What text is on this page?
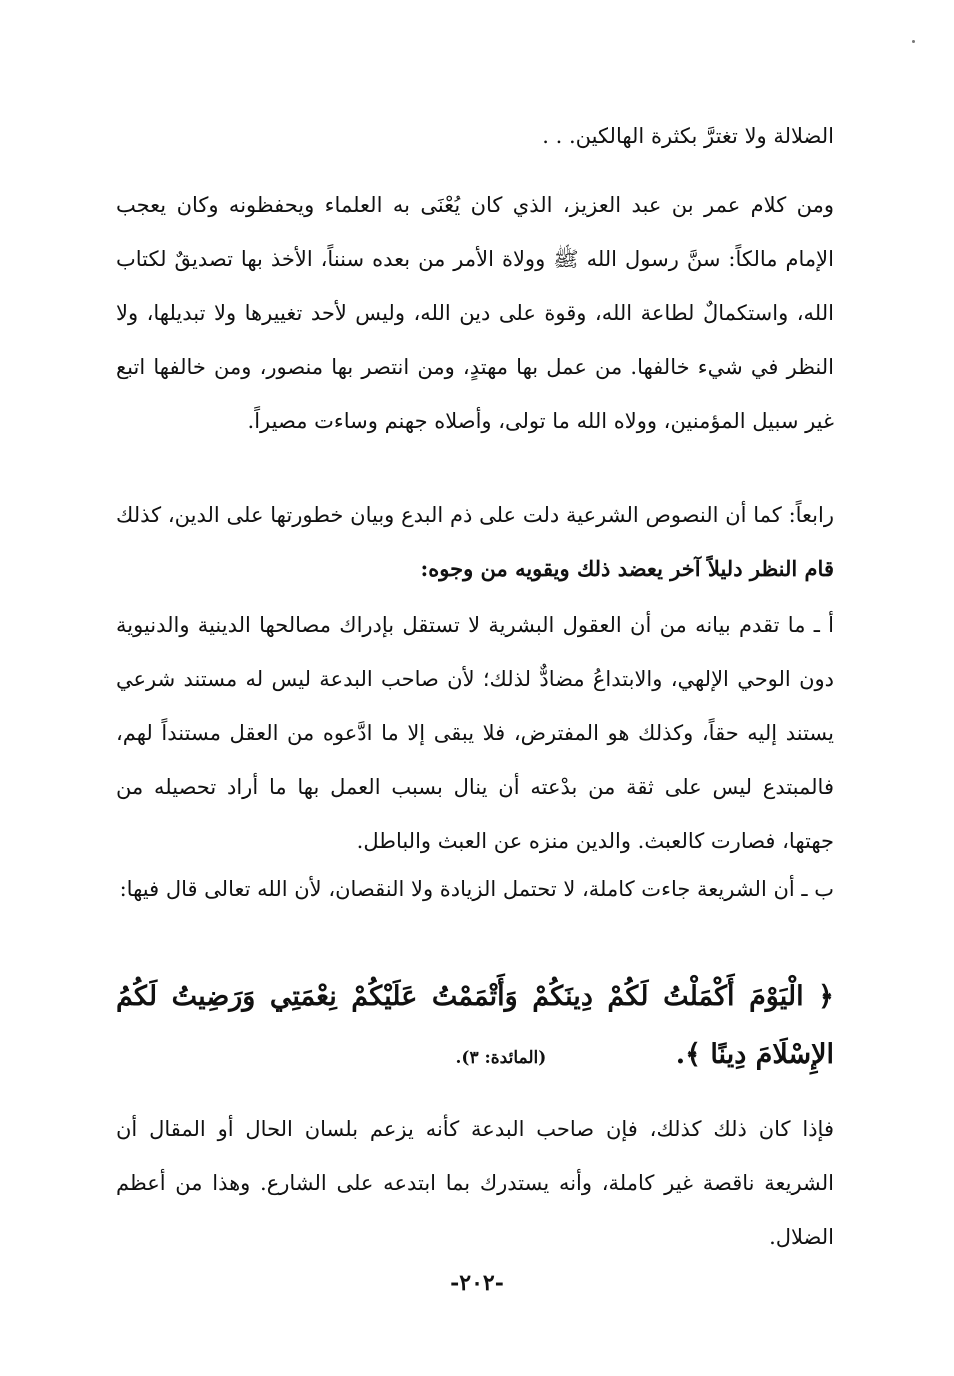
الضلالة ولا تغترَّ بكثرة الهالكين. . .

ومن كلام عمر بن عبد العزيز، الذي كان يُعْنَى به العلماء ويحفظونه وكان يعجب الإمام مالكاً: سنَّ رسول الله ﷺ وولاة الأمر من بعده سنناً، الأخذ بها تصديقٌ لكتاب الله، واستكمالٌ لطاعة الله، وقوة على دين الله، وليس لأحد تغييرها ولا تبديلها، ولا النظر في شيء خالفها. من عمل بها مهتدٍ، ومن انتصر بها منصور، ومن خالفها اتبع غير سبيل المؤمنين، وولاه الله ما تولى، وأصلاه جهنم وساءت مصيراً.

رابعاً: كما أن النصوص الشرعية دلت على ذم البدع وبيان خطورتها على الدين، كذلك قام النظر دليلاً آخر يعضد ذلك ويقويه من وجوه:

أ ـ ما تقدم بيانه من أن العقول البشرية لا تستقل بإدراك مصالحها الدينية والدنيوية دون الوحي الإلهي، والابتداعُ مضادٌّ لذلك؛ لأن صاحب البدعة ليس له مستند شرعي يستند إليه حقاً، وكذلك هو المفترض، فلا يبقى إلا ما ادَّعوه من العقل مستنداً لهم، فالمبتدع ليس على ثقة من بدْعته أن ينال بسبب العمل بها ما أراد تحصيله من جهتها، فصارت كالعبث. والدين منزه عن العبث والباطل.

ب ـ أن الشريعة جاءت كاملة، لا تحتمل الزيادة ولا النقصان، لأن الله تعالى قال فيها:

﴿ الْيَوْمَ أَكْمَلْتُ لَكُمْ دِينَكُمْ وَأَتْمَمْتُ عَلَيْكُمْ نِعْمَتِي وَرَضِيتُ لَكُمُ الإِسْلَامَ دِينًا ﴾. (المائدة: ٣).

فإذا كان ذلك كذلك، فإن صاحب البدعة كأنه يزعم بلسان الحال أو المقال أن الشريعة ناقصة غير كاملة، وأنه يستدرك بما ابتدعه على الشارع. وهذا من أعظم الضلال.

-٢٠٢-
